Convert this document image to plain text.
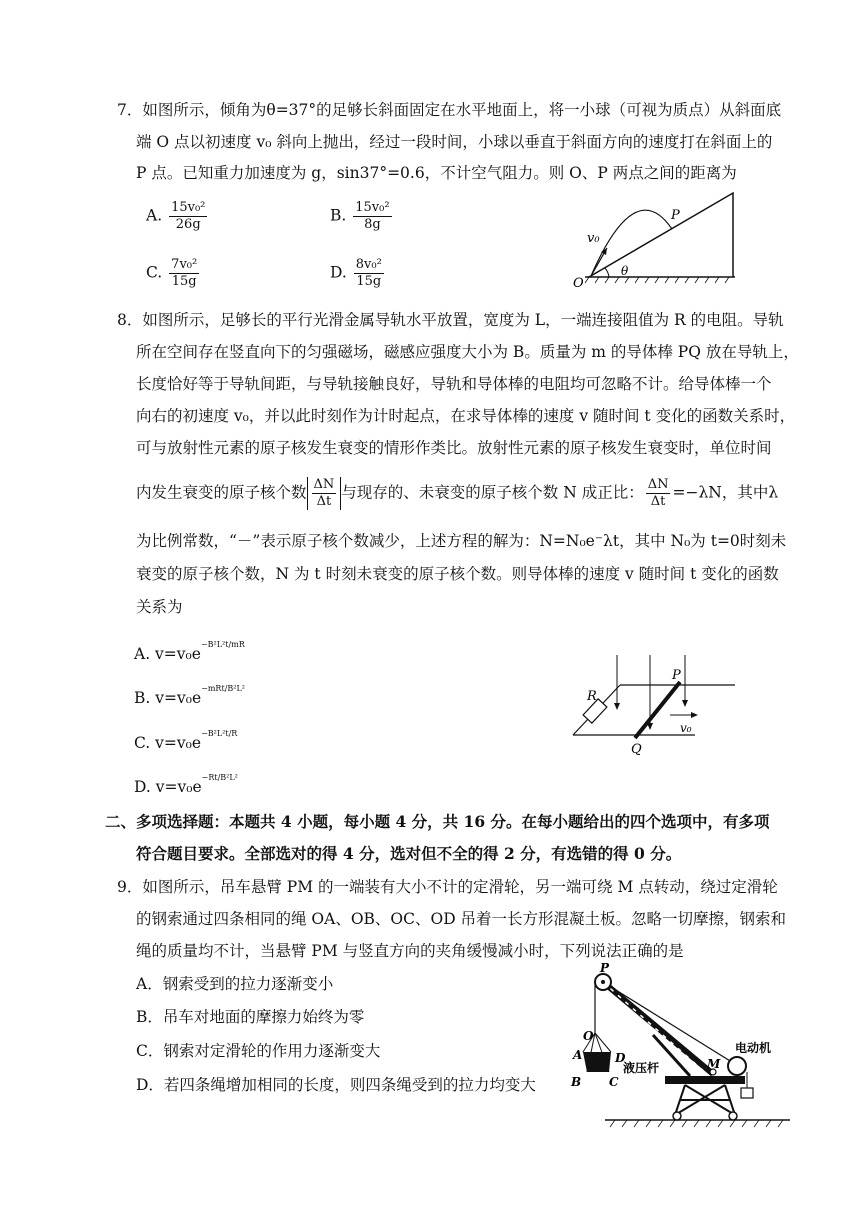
7．如图所示，倾角为θ=37°的足够长斜面固定在水平地面上，将一小球（可视为质点）从斜面底
端 O 点以初速度 v₀ 斜向上抛出，经过一段时间，小球以垂直于斜面方向的速度打在斜面上的
P 点。已知重力加速度为 g，sin37°=0.6，不计空气阻力。则 O、P 两点之间的距离为
A. $\frac{\text{15v₀²}}{26g}$	B. $\frac{\text{15v₀²}}{8g}$
C. $\frac{\text{7v₀²}}{15g}$	D. $\frac{\text{8v₀²}}{15g}$
v₀
P
O
θ
8．如图所示，足够长的平行光滑金属导轨水平放置，宽度为 L，一端连接阻值为 R 的电阻。导轨
所在空间存在竖直向下的匀强磁场，磁感应强度大小为 B。质量为 m 的导体棒 PQ 放在导轨上，
长度恰好等于导轨间距，与导轨接触良好，导轨和导体棒的电阻均可忽略不计。给导体棒一个
向右的初速度 v₀，并以此时刻作为计时起点，在求导体棒的速度 v 随时间 t 变化的函数关系时，
可与放射性元素的原子核发生衰变的情形作类比。放射性元素的原子核发生衰变时，单位时间
内发生衰变的原子核个数 $\frac{\Delta N}{\Delta t}$ 与现存的、未衰变的原子核个数 N 成正比： $\frac{\Delta N}{\Delta t} =-\lambda N$，其中λ
为比例常数，“－”表示原子核个数减少，上述方程的解为：N=N₀e⁻λt，其中 N₀为 t=0时刻未
衰变的原子核个数，N 为 t 时刻未衰变的原子核个数。则导体棒的速度 v 随时间 t 变化的函数
关系为
A. $v=v_0e^{-B^2L^2t/mR}$
B. $v=v_0e^{-mRt/B^2L^2}$
C. $v=v_0e^{-B^2L^2t/R}$
D. $v=v_0e^{-Rt/B^2L^2}$
R
P
Q
v₀
二、多项选择题：本题共 4 小题，每小题 4 分，共 16 分。在每小题给出的四个选项中，有多项
符合题目要求。全部选对的得 4 分，选对但不全的得 2 分，有选错的得 0 分。
9．如图所示，吊车悬臂 PM 的一端装有大小不计的定滑轮，另一端可绕 M 点转动，绕过定滑轮
的钢索通过四条相同的绳 OA、OB、OC、OD 吊着一长方形混凝土板。忽略一切摩擦，钢索和
绳的质量均不计，当悬臂 PM 与竖直方向的夹角缓慢减小时，下列说法正确的是
A．钢索受到的拉力逐渐变小
B．吊车对地面的摩擦力始终为零
C．钢索对定滑轮的作用力逐渐变大
D．若四条绳增加相同的长度，则四条绳受到的拉力均变大
P
O
A
B C
D
液压杆	M
电动机
